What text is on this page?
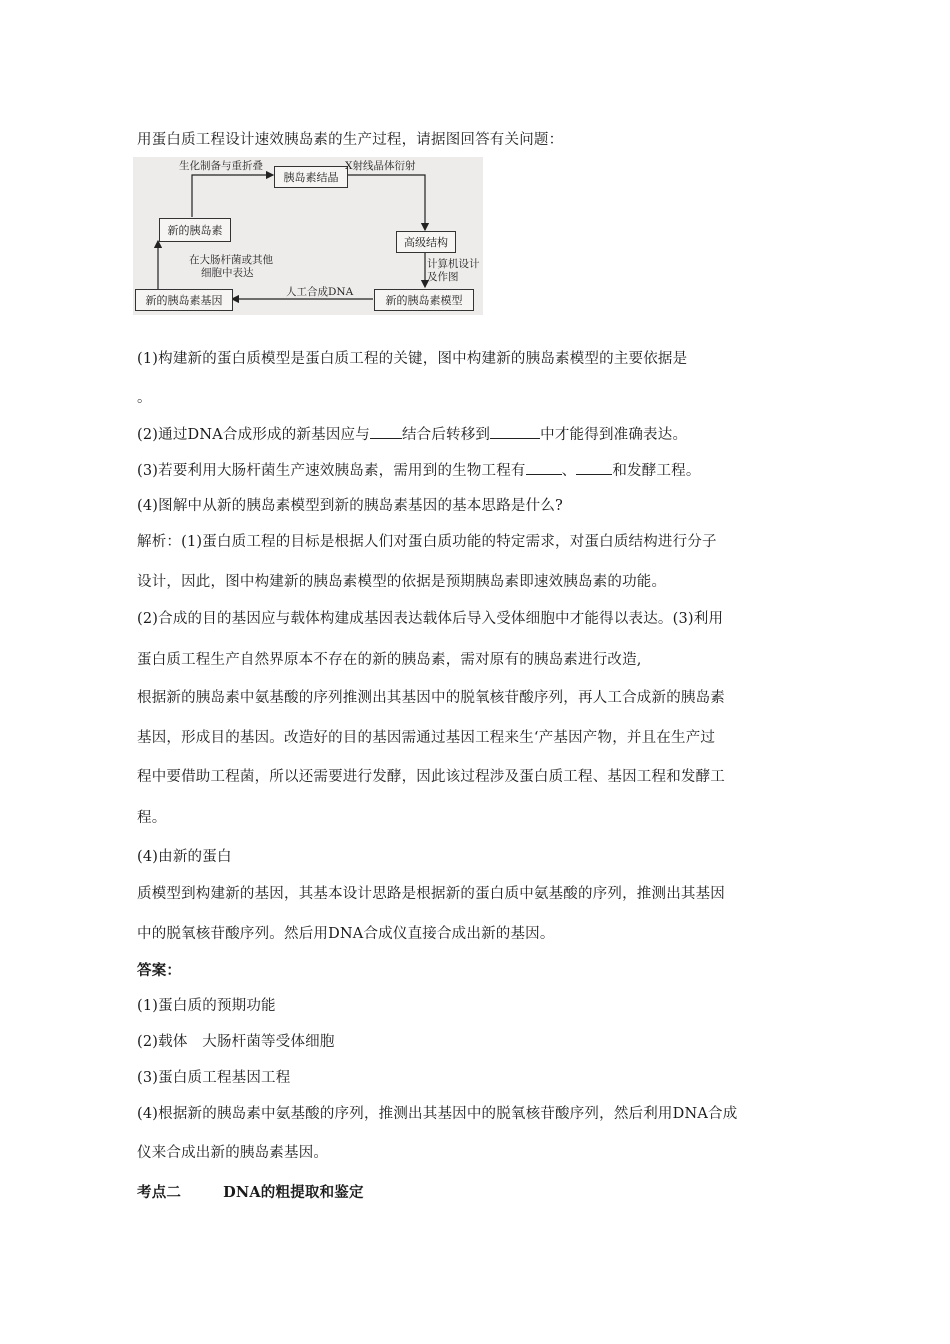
用蛋白质工程设计速效胰岛素的生产过程，请据图回答有关问题：
胰岛素结晶
新的胰岛素
高级结构
新的胰岛素基因	新的胰岛素模型
生化制备与重折叠	X射线晶体衍射
在大肠杆菌或其他
细胞中表达
计算机设计
及作图
人工合成DNA
(1)构建新的蛋白质模型是蛋白质工程的关键，图中构建新的胰岛素模型的主要依据是
。
(2)通过DNA合成形成的新基因应与 结合后转移到	中才能得到准确表达。
(3)若要利用大肠杆菌生产速效胰岛素，需用到的生物工程有 、 和发酵工程。
(4)图解中从新的胰岛素模型到新的胰岛素基因的基本思路是什么?
解析：(1)蛋白质工程的目标是根据人们对蛋白质功能的特定需求，对蛋白质结构进行分子
设计，因此，图中构建新的胰岛素模型的依据是预期胰岛素即速效胰岛素的功能。
(2)合成的目的基因应与载体构建成基因表达载体后导入受体细胞中才能得以表达。(3)利用
蛋白质工程生产自然界原本不存在的新的胰岛素，需对原有的胰岛素进行改造,
根据新的胰岛素中氨基酸的序列推测出其基因中的脱氧核苷酸序列，再人工合成新的胰岛素
基因，形成目的基因。改造好的目的基因需通过基因工程来生‘产基因产物，并且在生产过
程中要借助工程菌，所以还需要进行发酵，因此该过程涉及蛋白质工程、基因工程和发酵工
程。
(4)由新的蛋白
质模型到构建新的基因，其基本设计思路是根据新的蛋白质中氨基酸的序列，推测出其基因
中的脱氧核苷酸序列。然后用DNA合成仪直接合成出新的基因。
答案：
(1)蛋白质的预期功能
(2)载体　大肠杆菌等受体细胞
(3)蛋白质工程基因工程
(4)根据新的胰岛素中氨基酸的序列，推测出其基因中的脱氧核苷酸序列，然后利用DNA合成
仪来合成出新的胰岛素基因。
考点二	DNA的粗提取和鉴定
